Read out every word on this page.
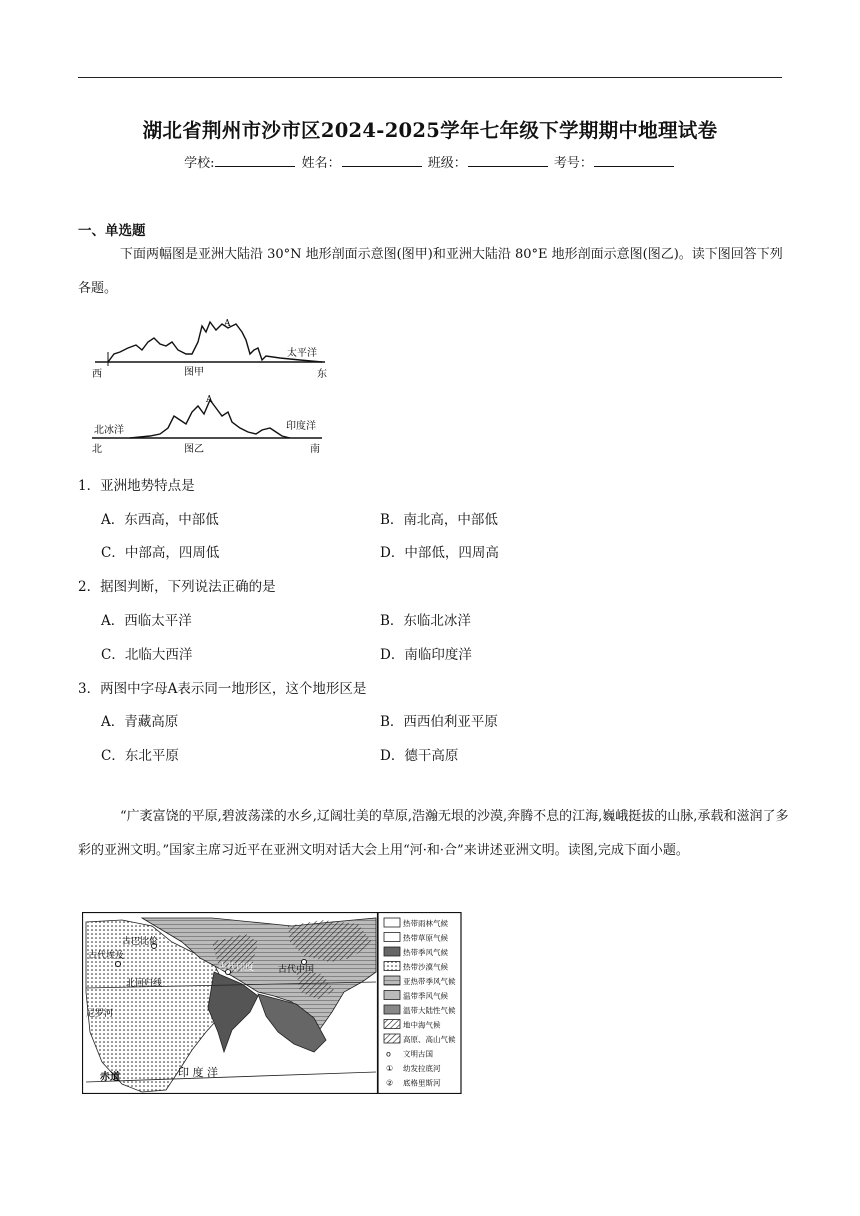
湖北省荆州市沙市区2024-2025学年七年级下学期期中地理试卷
学校:	姓名：	班级：	考号：
一、单选题
下面两幅图是亚洲大陆沿 30°N 地形剖面示意图(图甲)和亚洲大陆沿 80°E 地形剖面示意图(图乙)。读下图回答下列各题。
A
太平洋
西	图甲	东
A
北冰洋	印度洋
北	图乙	南
1．亚洲地势特点是
A．东西高，中部低	B．南北高，中部低
C．中部高，四周低	D．中部低，四周高
2．据图判断，下列说法正确的是
A．西临太平洋	B．东临北冰洋
C．北临大西洋	D．南临印度洋
3．两图中字母A表示同一地形区，这个地形区是
A．青藏高原	B．西西伯利亚平原
C．东北平原	D．德干高原
“广袤富饶的平原,碧波荡漾的水乡,辽阔壮美的草原,浩瀚无垠的沙漠,奔腾不息的江海,巍峨挺拔的山脉,承载和滋润了多彩的亚洲文明。”国家主席习近平在亚洲文明对话大会上用“河·和·合”来讲述亚洲文明。读图,完成下面小题。
古代埃及
古巴比伦
古代印度	古代中国
北回归线
尼罗河
赤道	印 度 洋
热带雨林气候
热带草原气候
热带季风气候
热带沙漠气候
亚热带季风气候
温带季风气候
温带大陆性气候
地中海气候
高原、高山气候
o 文明古国
① 幼发拉底河
② 底格里斯河
